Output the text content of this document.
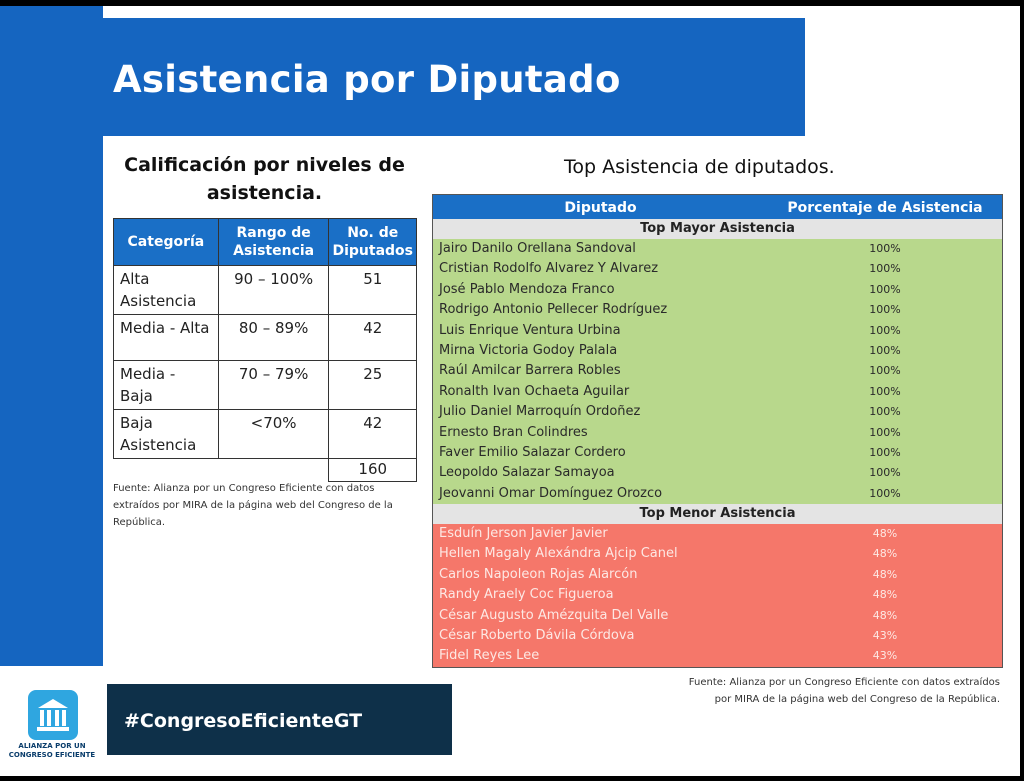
Asistencia por Diputado
Calificación por niveles de
asistencia.
Categoría	Rango de Asistencia	No. de Diputados
Alta Asistencia	90 – 100%	51
Media - Alta	80 – 89%	42
Media - Baja	70 – 79%	25
Baja Asistencia	<70%	42
		160
Fuente: Alianza por un Congreso Eficiente con datos extraídos por MIRA de la página web del Congreso de la República.
Top Asistencia de diputados.
Diputado	Porcentaje de Asistencia
Top Mayor Asistencia
Jairo Danilo Orellana Sandoval	100%
Cristian Rodolfo Alvarez Y Alvarez	100%
José Pablo Mendoza Franco	100%
Rodrigo Antonio Pellecer Rodríguez	100%
Luis Enrique Ventura Urbina	100%
Mirna Victoria Godoy Palala	100%
Raúl Amilcar Barrera Robles	100%
Ronalth Ivan Ochaeta Aguilar	100%
Julio Daniel Marroquín Ordoñez	100%
Ernesto Bran Colindres	100%
Faver Emilio Salazar Cordero	100%
Leopoldo Salazar Samayoa	100%
Jeovanni Omar Domínguez Orozco	100%
Top Menor Asistencia
Esduín Jerson Javier Javier	48%
Hellen Magaly Alexándra Ajcip Canel	48%
Carlos Napoleon Rojas Alarcón	48%
Randy Araely Coc Figueroa	48%
César Augusto Amézquita Del Valle	48%
César Roberto Dávila Córdova	43%
Fidel Reyes Lee	43%
Fuente: Alianza por un Congreso Eficiente con datos extraídos
por MIRA de la página web del Congreso de la República.
ALIANZA POR UN
CONGRESO EFICIENTE
#CongresoEficienteGT
